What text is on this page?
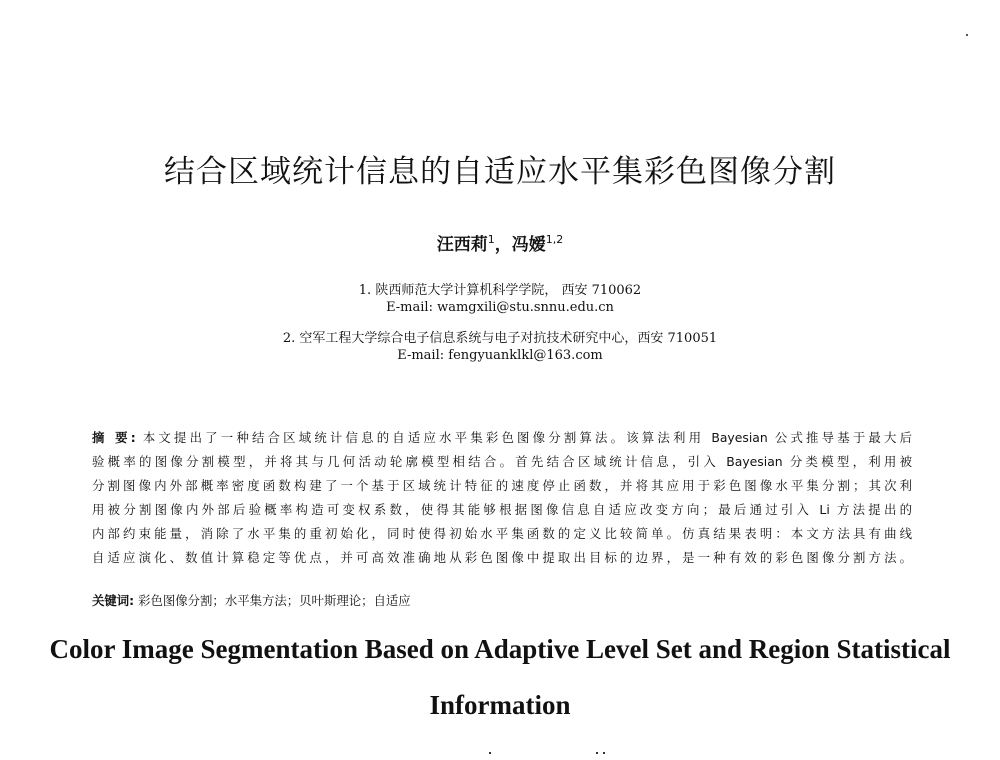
结合区域统计信息的自适应水平集彩色图像分割
汪西莉$^1$，冯嫒$^{1,2}$
1. 陕西师范大学计算机科学学院， 西安 710062
E-mail: wamgxili@stu.snnu.edu.cn
2. 空军工程大学综合电子信息系统与电子对抗技术研究中心，西安 710051
E-mail: fengyuanklkl@163.com
摘 要: 本文提出了一种结合区域统计信息的自适应水平集彩色图像分割算法。该算法利用 Bayesian 公式推导基于最大后
验概率的图像分割模型，并将其与几何活动轮廓模型相结合。首先结合区域统计信息，引入 Bayesian 分类模型，利用被
分割图像内外部概率密度函数构建了一个基于区域统计特征的速度停止函数，并将其应用于彩色图像水平集分割；其次利
用被分割图像内外部后验概率构造可变权系数，使得其能够根据图像信息自适应改变方向；最后通过引入 Li 方法提出的
内部约束能量，消除了水平集的重初始化，同时使得初始水平集函数的定义比较简单。仿真结果表明：本文方法具有曲线
自适应演化、数值计算稳定等优点，并可高效准确地从彩色图像中提取出目标的边界，是一种有效的彩色图像分割方法。
关键词: 彩色图像分割；水平集方法；贝叶斯理论；自适应
Color Image Segmentation Based on Adaptive Level Set and Region Statistical
Information
